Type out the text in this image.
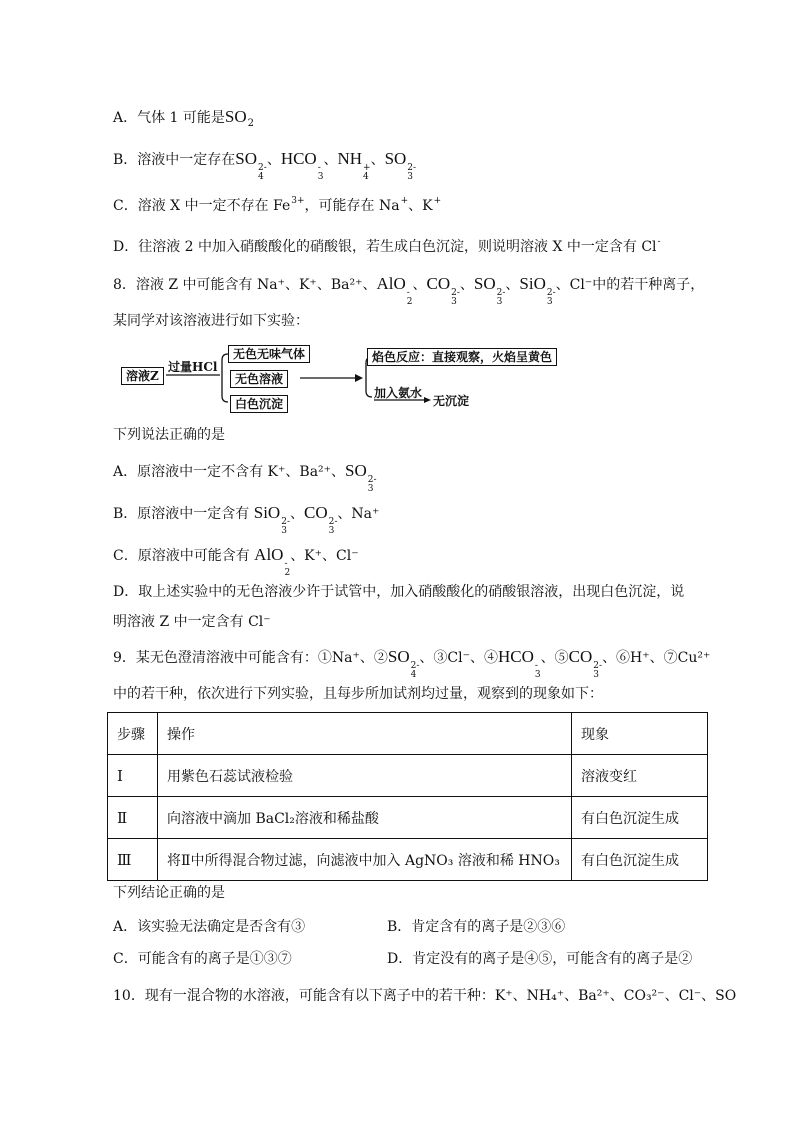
A．气体 1 可能是$SO_2$
B．溶液中一定存在SO 2-
4
、HCO -
3
、NH +
4
、SO 2-
3
C．溶液 X 中一定不存在 $Fe^{3+}$，可能存在 Na+、K+
D．往溶液 2 中加入硝酸酸化的硝酸银，若生成白色沉淀，则说明溶液 X 中一定含有 Cl-
8．溶液 Z 中可能含有 Na⁺、K⁺、Ba²⁺、AlO -
2
、CO 2-
3
、SO 2-
3
、SiO 2-
3
、Cl⁻中的若干种离子，
某同学对该溶液进行如下实验：
溶液Z
过量HCl
无色无味气体
无色溶液
白色沉淀
焰色反应：直接观察，火焰呈黄色
加入氨水
无沉淀
下列说法正确的是
A．原溶液中一定不含有 K⁺、Ba²⁺、SO 2-
3
B．原溶液中一定含有 SiO 2-
3
、CO 2-
3
、Na⁺
C．原溶液中可能含有 AlO -
2
、K⁺、Cl⁻
D．取上述实验中的无色溶液少许于试管中，加入硝酸酸化的硝酸银溶液，出现白色沉淀，说
明溶液 Z 中一定含有 Cl⁻
9．某无色澄清溶液中可能含有：①Na⁺、②SO 2-
4
、③Cl⁻、④HCO -
3
、⑤CO 2-
3
、⑥H⁺、⑦Cu²⁺
中的若干种，依次进行下列实验，且每步所加试剂均过量，观察到的现象如下：
步骤	操作	现象
Ⅰ	用紫色石蕊试液检验	溶液变红
Ⅱ	向溶液中滴加 BaCl₂溶液和稀盐酸	有白色沉淀生成
Ⅲ	将Ⅱ中所得混合物过滤，向滤液中加入 AgNO₃ 溶液和稀 HNO₃	有白色沉淀生成
下列结论正确的是
A．该实验无法确定是否含有③	B．肯定含有的离子是②③⑥
C．可能含有的离子是①③⑦	D．肯定没有的离子是④⑤，可能含有的离子是②
10．现有一混合物的水溶液，可能含有以下离子中的若干种：K⁺、NH₄⁺、Ba²⁺、CO₃²⁻、Cl⁻、SO
